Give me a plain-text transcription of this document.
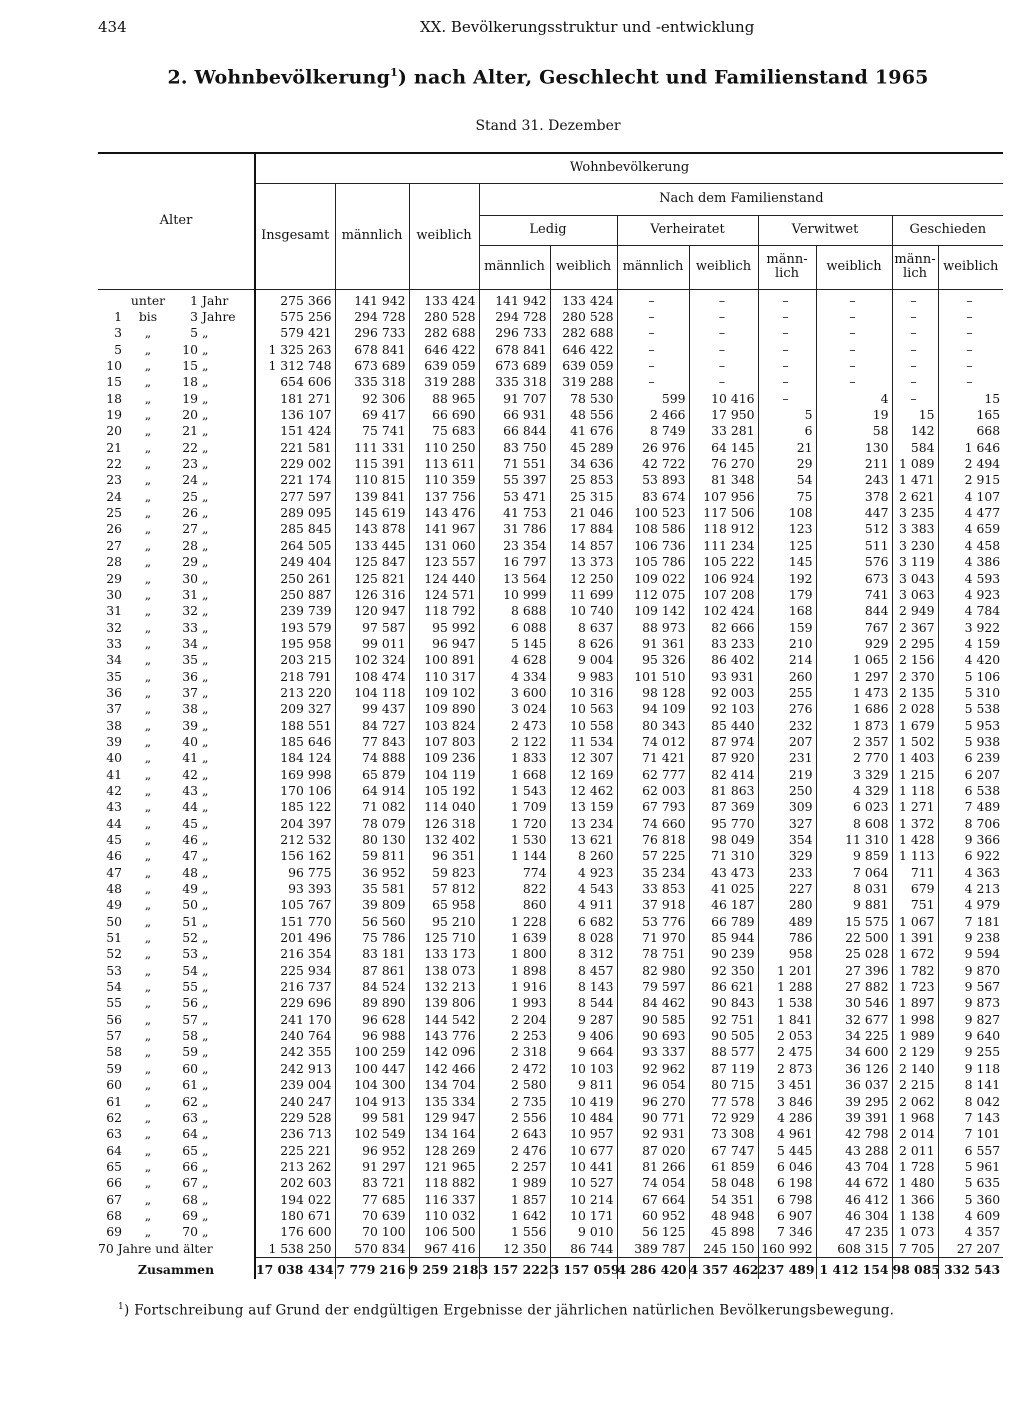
434	XX. Bevölkerungsstruktur und -entwicklung
2. Wohnbevölkerung$^1$) nach Alter, Geschlecht und Familienstand 1965
Stand 31. Dezember
Alter	Wohnbevölkerung										
	Insgesamt	männlich	weiblich	Nach dem Familienstand							
				Ledig		Verheiratet		Verwitwet		Geschieden	
				männlich	weiblich	männlich	weiblich	männ-
lich	weiblich	männ-
lich	weiblich

unter 1 Jahr	275 366	141 942	133 424	141 942	133 424	–	–	–	–	–	–

1 bis 3 Jahre	575 256	294 728	280 528	294 728	280 528	–	–	–	–	–	–

3 „ 5 „	579 421	296 733	282 688	296 733	282 688	–	–	–	–	–	–

5 „ 10 „	1 325 263	678 841	646 422	678 841	646 422	–	–	–	–	–	–

10 „ 15 „	1 312 748	673 689	639 059	673 689	639 059	–	–	–	–	–	–

15 „ 18 „	654 606	335 318	319 288	335 318	319 288	–	–	–	–	–	–

18 „ 19 „	181 271	92 306	88 965	91 707	78 530	599	10 416	–	4	–	15

19 „ 20 „	136 107	69 417	66 690	66 931	48 556	2 466	17 950	5	19	15	165

20 „ 21 „	151 424	75 741	75 683	66 844	41 676	8 749	33 281	6	58	142	668

21 „ 22 „	221 581	111 331	110 250	83 750	45 289	26 976	64 145	21	130	584	1 646

22 „ 23 „	229 002	115 391	113 611	71 551	34 636	42 722	76 270	29	211	1 089	2 494

23 „ 24 „	221 174	110 815	110 359	55 397	25 853	53 893	81 348	54	243	1 471	2 915

24 „ 25 „	277 597	139 841	137 756	53 471	25 315	83 674	107 956	75	378	2 621	4 107

25 „ 26 „	289 095	145 619	143 476	41 753	21 046	100 523	117 506	108	447	3 235	4 477

26 „ 27 „	285 845	143 878	141 967	31 786	17 884	108 586	118 912	123	512	3 383	4 659

27 „ 28 „	264 505	133 445	131 060	23 354	14 857	106 736	111 234	125	511	3 230	4 458

28 „ 29 „	249 404	125 847	123 557	16 797	13 373	105 786	105 222	145	576	3 119	4 386

29 „ 30 „	250 261	125 821	124 440	13 564	12 250	109 022	106 924	192	673	3 043	4 593

30 „ 31 „	250 887	126 316	124 571	10 999	11 699	112 075	107 208	179	741	3 063	4 923

31 „ 32 „	239 739	120 947	118 792	8 688	10 740	109 142	102 424	168	844	2 949	4 784

32 „ 33 „	193 579	97 587	95 992	6 088	8 637	88 973	82 666	159	767	2 367	3 922

33 „ 34 „	195 958	99 011	96 947	5 145	8 626	91 361	83 233	210	929	2 295	4 159

34 „ 35 „	203 215	102 324	100 891	4 628	9 004	95 326	86 402	214	1 065	2 156	4 420

35 „ 36 „	218 791	108 474	110 317	4 334	9 983	101 510	93 931	260	1 297	2 370	5 106

36 „ 37 „	213 220	104 118	109 102	3 600	10 316	98 128	92 003	255	1 473	2 135	5 310

37 „ 38 „	209 327	99 437	109 890	3 024	10 563	94 109	92 103	276	1 686	2 028	5 538

38 „ 39 „	188 551	84 727	103 824	2 473	10 558	80 343	85 440	232	1 873	1 679	5 953

39 „ 40 „	185 646	77 843	107 803	2 122	11 534	74 012	87 974	207	2 357	1 502	5 938

40 „ 41 „	184 124	74 888	109 236	1 833	12 307	71 421	87 920	231	2 770	1 403	6 239

41 „ 42 „	169 998	65 879	104 119	1 668	12 169	62 777	82 414	219	3 329	1 215	6 207

42 „ 43 „	170 106	64 914	105 192	1 543	12 462	62 003	81 863	250	4 329	1 118	6 538

43 „ 44 „	185 122	71 082	114 040	1 709	13 159	67 793	87 369	309	6 023	1 271	7 489

44 „ 45 „	204 397	78 079	126 318	1 720	13 234	74 660	95 770	327	8 608	1 372	8 706

45 „ 46 „	212 532	80 130	132 402	1 530	13 621	76 818	98 049	354	11 310	1 428	9 366

46 „ 47 „	156 162	59 811	96 351	1 144	8 260	57 225	71 310	329	9 859	1 113	6 922

47 „ 48 „	96 775	36 952	59 823	774	4 923	35 234	43 473	233	7 064	711	4 363

48 „ 49 „	93 393	35 581	57 812	822	4 543	33 853	41 025	227	8 031	679	4 213

49 „ 50 „	105 767	39 809	65 958	860	4 911	37 918	46 187	280	9 881	751	4 979

50 „ 51 „	151 770	56 560	95 210	1 228	6 682	53 776	66 789	489	15 575	1 067	7 181

51 „ 52 „	201 496	75 786	125 710	1 639	8 028	71 970	85 944	786	22 500	1 391	9 238

52 „ 53 „	216 354	83 181	133 173	1 800	8 312	78 751	90 239	958	25 028	1 672	9 594

53 „ 54 „	225 934	87 861	138 073	1 898	8 457	82 980	92 350	1 201	27 396	1 782	9 870

54 „ 55 „	216 737	84 524	132 213	1 916	8 143	79 597	86 621	1 288	27 882	1 723	9 567

55 „ 56 „	229 696	89 890	139 806	1 993	8 544	84 462	90 843	1 538	30 546	1 897	9 873

56 „ 57 „	241 170	96 628	144 542	2 204	9 287	90 585	92 751	1 841	32 677	1 998	9 827

57 „ 58 „	240 764	96 988	143 776	2 253	9 406	90 693	90 505	2 053	34 225	1 989	9 640

58 „ 59 „	242 355	100 259	142 096	2 318	9 664	93 337	88 577	2 475	34 600	2 129	9 255

59 „ 60 „	242 913	100 447	142 466	2 472	10 103	92 962	87 119	2 873	36 126	2 140	9 118

60 „ 61 „	239 004	104 300	134 704	2 580	9 811	96 054	80 715	3 451	36 037	2 215	8 141

61 „ 62 „	240 247	104 913	135 334	2 735	10 419	96 270	77 578	3 846	39 295	2 062	8 042

62 „ 63 „	229 528	99 581	129 947	2 556	10 484	90 771	72 929	4 286	39 391	1 968	7 143

63 „ 64 „	236 713	102 549	134 164	2 643	10 957	92 931	73 308	4 961	42 798	2 014	7 101

64 „ 65 „	225 221	96 952	128 269	2 476	10 677	87 020	67 747	5 445	43 288	2 011	6 557

65 „ 66 „	213 262	91 297	121 965	2 257	10 441	81 266	61 859	6 046	43 704	1 728	5 961

66 „ 67 „	202 603	83 721	118 882	1 989	10 527	74 054	58 048	6 198	44 672	1 480	5 635

67 „ 68 „	194 022	77 685	116 337	1 857	10 214	67 664	54 351	6 798	46 412	1 366	5 360

68 „ 69 „	180 671	70 639	110 032	1 642	10 171	60 952	48 948	6 907	46 304	1 138	4 609

69 „ 70 „	176 600	70 100	106 500	1 556	9 010	56 125	45 898	7 346	47 235	1 073	4 357
70 Jahre und älter	1 538 250	570 834	967 416	12 350	86 744	389 787	245 150	160 992	608 315	7 705	27 207
Zusammen	17 038 434	7 779 216	9 259 218	3 157 222	3 157 059	4 286 420	4 357 462	237 489	1 412 154	98 085	332 543
$^1$) Fortschreibung auf Grund der endgültigen Ergebnisse der jährlichen natürlichen Bevölkerungsbewegung.
